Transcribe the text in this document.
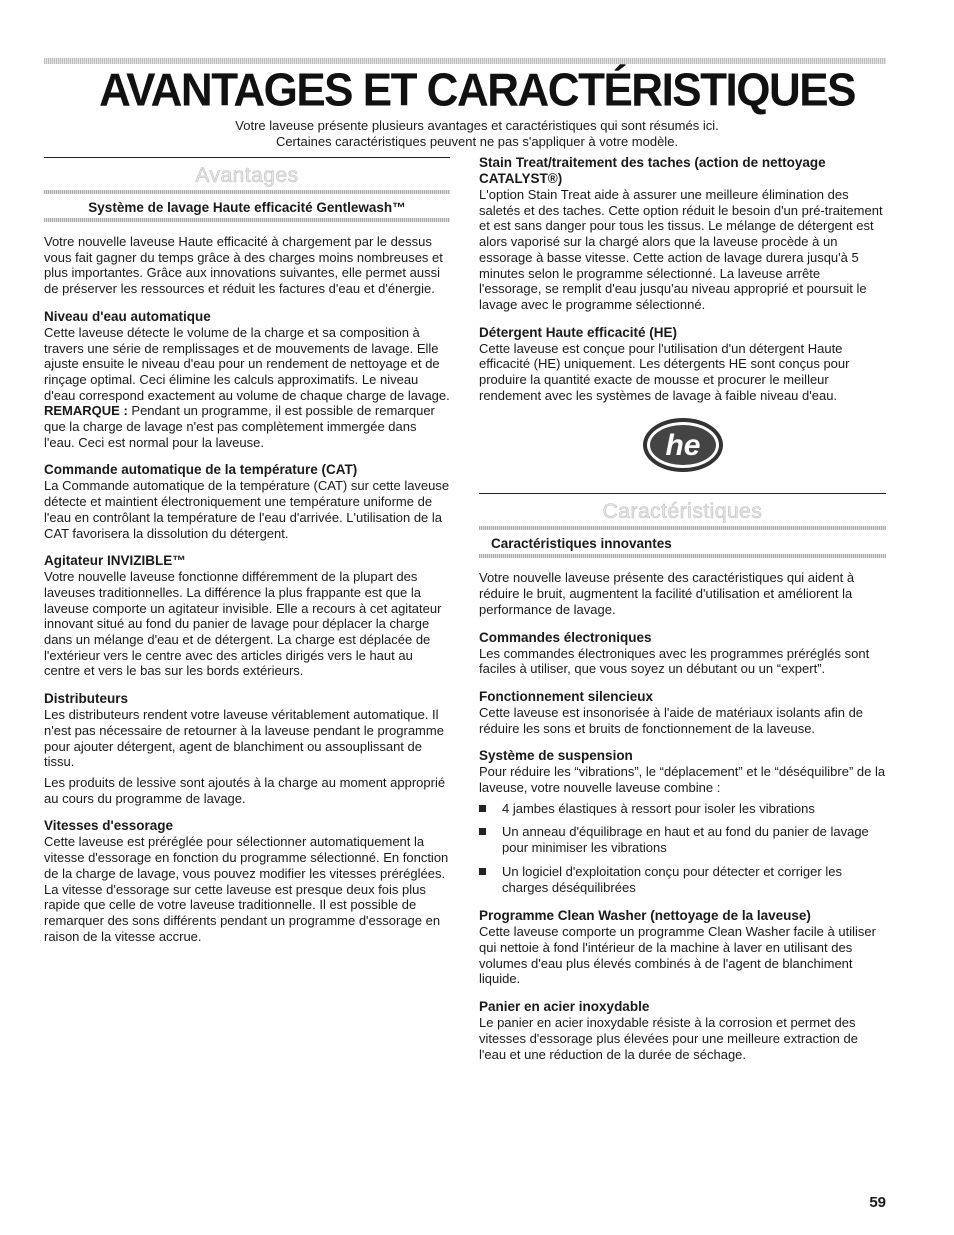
AVANTAGES ET CARACTÉRISTIQUES
Votre laveuse présente plusieurs avantages et caractéristiques qui sont résumés ici.
Certaines caractéristiques peuvent ne pas s'appliquer à votre modèle.
Avantages
Système de lavage Haute efficacité Gentlewash™

Votre nouvelle laveuse Haute efficacité à chargement par le dessus vous fait gagner du temps grâce à des charges moins nombreuses et plus importantes. Grâce aux innovations suivantes, elle permet aussi de préserver les ressources et réduit les factures d'eau et d'énergie.

Niveau d'eau automatique

Cette laveuse détecte le volume de la charge et sa composition à travers une série de remplissages et de mouvements de lavage. Elle ajuste ensuite le niveau d'eau pour un rendement de nettoyage et de rinçage optimal. Ceci élimine les calculs approximatifs. Le niveau d'eau correspond exactement au volume de chaque charge de lavage.
REMARQUE : Pendant un programme, il est possible de remarquer que la charge de lavage n'est pas complètement immergée dans l'eau. Ceci est normal pour la laveuse.

Commande automatique de la température (CAT)

La Commande automatique de la température (CAT) sur cette laveuse détecte et maintient électroniquement une température uniforme de l'eau en contrôlant la température de l'eau d'arrivée. L'utilisation de la CAT favorisera la dissolution du détergent.

Agitateur INVIZIBLE™

Votre nouvelle laveuse fonctionne différemment de la plupart des laveuses traditionnelles. La différence la plus frappante est que la laveuse comporte un agitateur invisible. Elle a recours à cet agitateur innovant situé au fond du panier de lavage pour déplacer la charge dans un mélange d'eau et de détergent. La charge est déplacée de l'extérieur vers le centre avec des articles dirigés vers le haut au centre et vers le bas sur les bords extérieurs.

Distributeurs

Les distributeurs rendent votre laveuse véritablement automatique. Il n'est pas nécessaire de retourner à la laveuse pendant le programme pour ajouter détergent, agent de blanchiment ou assouplissant de tissu.

Les produits de lessive sont ajoutés à la charge au moment approprié au cours du programme de lavage.

Vitesses d'essorage

Cette laveuse est préréglée pour sélectionner automatiquement la vitesse d'essorage en fonction du programme sélectionné. En fonction de la charge de lavage, vous pouvez modifier les vitesses préréglées. La vitesse d'essorage sur cette laveuse est presque deux fois plus rapide que celle de votre laveuse traditionnelle. Il est possible de remarquer des sons différents pendant un programme d'essorage en raison de la vitesse accrue.

Stain Treat/traitement des taches (action de nettoyage CATALYST®)

L'option Stain Treat aide à assurer une meilleure élimination des saletés et des taches. Cette option réduit le besoin d'un pré-traitement et est sans danger pour tous les tissus. Le mélange de détergent est alors vaporisé sur la chargé alors que la laveuse procède à un essorage à basse vitesse. Cette action de lavage durera jusqu'à 5 minutes selon le programme sélectionné. La laveuse arrête l'essorage, se remplit d'eau jusqu'au niveau approprié et poursuit le lavage avec le programme sélectionné.

Détergent Haute efficacité (HE)

Cette laveuse est conçue pour l'utilisation d'un détergent Haute efficacité (HE) uniquement. Les détergents HE sont conçus pour produire la quantité exacte de mousse et procurer le meilleur rendement avec les systèmes de lavage à faible niveau d'eau.

he
Caractéristiques
Caractéristiques innovantes

Votre nouvelle laveuse présente des caractéristiques qui aident à réduire le bruit, augmentent la facilité d'utilisation et améliorent la performance de lavage.

Commandes électroniques

Les commandes électroniques avec les programmes préréglés sont faciles à utiliser, que vous soyez un débutant ou un “expert”.

Fonctionnement silencieux

Cette laveuse est insonorisée à l'aide de matériaux isolants afin de réduire les sons et bruits de fonctionnement de la laveuse.

Système de suspension

Pour réduire les “vibrations”, le “déplacement” et le “déséquilibre” de la laveuse, votre nouvelle laveuse combine :

4 jambes élastiques à ressort pour isoler les vibrations
Un anneau d'équilibrage en haut et au fond du panier de lavage pour minimiser les vibrations
Un logiciel d'exploitation conçu pour détecter et corriger les charges déséquilibrées
Programme Clean Washer (nettoyage de la laveuse)

Cette laveuse comporte un programme Clean Washer facile à utiliser qui nettoie à fond l'intérieur de la machine à laver en utilisant des volumes d'eau plus élevés combinés à de l'agent de blanchiment liquide.

Panier en acier inoxydable

Le panier en acier inoxydable résiste à la corrosion et permet des vitesses d'essorage plus élevées pour une meilleure extraction de l'eau et une réduction de la durée de séchage.

59
